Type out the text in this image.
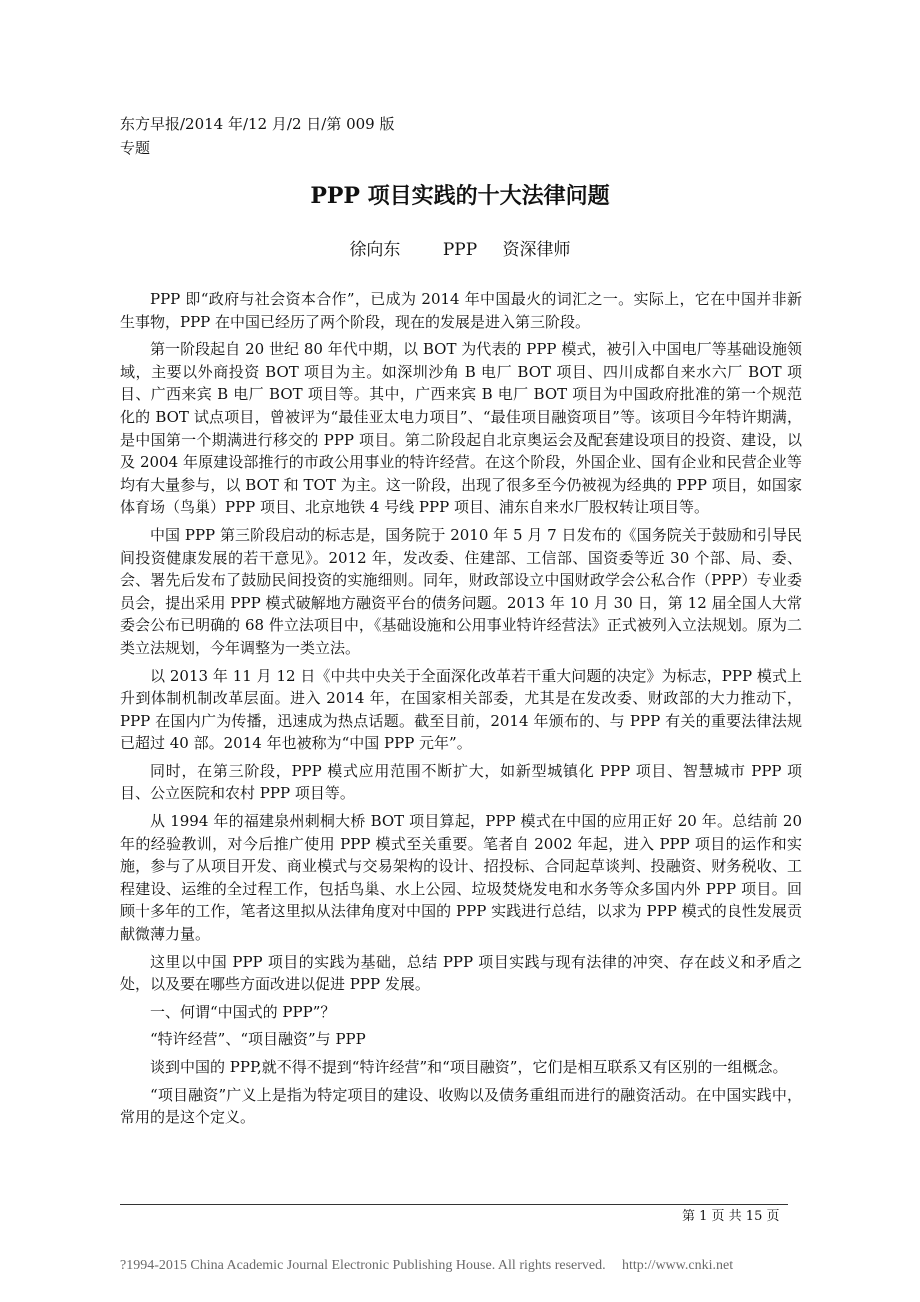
东方早报/2014 年/12 月/2 日/第 009 版
专题
PPP 项目实践的十大法律问题
徐向东　 PPP 资深律师

PPP 即“政府与社会资本合作”，已成为 2014 年中国最火的词汇之一。实际上，它在中国并非新生事物，PPP 在中国已经历了两个阶段，现在的发展是进入第三阶段。

第一阶段起自 20 世纪 80 年代中期，以 BOT 为代表的 PPP 模式，被引入中国电厂等基础设施领域，主要以外商投资 BOT 项目为主。如深圳沙角 B 电厂 BOT 项目、四川成都自来水六厂 BOT 项目、广西来宾 B 电厂 BOT 项目等。其中，广西来宾 B 电厂 BOT 项目为中国政府批准的第一个规范化的 BOT 试点项目，曾被评为“最佳亚太电力项目”、“最佳项目融资项目”等。该项目今年特许期满，是中国第一个期满进行移交的 PPP 项目。第二阶段起自北京奥运会及配套建设项目的投资、建设，以及 2004 年原建设部推行的市政公用事业的特许经营。在这个阶段，外国企业、国有企业和民营企业等均有大量参与，以 BOT 和 TOT 为主。这一阶段，出现了很多至今仍被视为经典的 PPP 项目，如国家体育场（鸟巢）PPP 项目、北京地铁 4 号线 PPP 项目、浦东自来水厂股权转让项目等。

中国 PPP 第三阶段启动的标志是，国务院于 2010 年 5 月 7 日发布的《国务院关于鼓励和引导民间投资健康发展的若干意见》。2012 年，发改委、住建部、工信部、国资委等近 30 个部、局、委、会、署先后发布了鼓励民间投资的实施细则。同年，财政部设立中国财政学会公私合作（PPP）专业委员会，提出采用 PPP 模式破解地方融资平台的债务问题。2013 年 10 月 30 日，第 12 届全国人大常委会公布已明确的 68 件立法项目中，《基础设施和公用事业特许经营法》正式被列入立法规划。原为二类立法规划，今年调整为一类立法。

以 2013 年 11 月 12 日《中共中央关于全面深化改革若干重大问题的决定》为标志，PPP 模式上升到体制机制改革层面。进入 2014 年，在国家相关部委，尤其是在发改委、财政部的大力推动下，PPP 在国内广为传播，迅速成为热点话题。截至目前，2014 年颁布的、与 PPP 有关的重要法律法规已超过 40 部。2014 年也被称为“中国 PPP 元年”。

同时，在第三阶段，PPP 模式应用范围不断扩大，如新型城镇化 PPP 项目、智慧城市 PPP 项目、公立医院和农村 PPP 项目等。

从 1994 年的福建泉州刺桐大桥 BOT 项目算起，PPP 模式在中国的应用正好 20 年。总结前 20 年的经验教训，对今后推广使用 PPP 模式至关重要。笔者自 2002 年起，进入 PPP 项目的运作和实施，参与了从项目开发、商业模式与交易架构的设计、招投标、合同起草谈判、投融资、财务税收、工程建设、运维的全过程工作，包括鸟巢、水上公园、垃圾焚烧发电和水务等众多国内外 PPP 项目。回顾十多年的工作，笔者这里拟从法律角度对中国的 PPP 实践进行总结，以求为 PPP 模式的良性发展贡献微薄力量。

这里以中国 PPP 项目的实践为基础，总结 PPP 项目实践与现有法律的冲突、存在歧义和矛盾之处，以及要在哪些方面改进以促进 PPP 发展。

一、何谓“中国式的 PPP”？

“特许经营”、“项目融资”与 PPP

谈到中国的 PPP,就不得不提到“特许经营”和“项目融资”，它们是相互联系又有区别的一组概念。

“项目融资”广义上是指为特定项目的建设、收购以及债务重组而进行的融资活动。在中国实践中，常用的是这个定义。

第 1 页 共 15 页
?1994-2015 China Academic Journal Electronic Publishing House. All rights reserved. http://www.cnki.net
